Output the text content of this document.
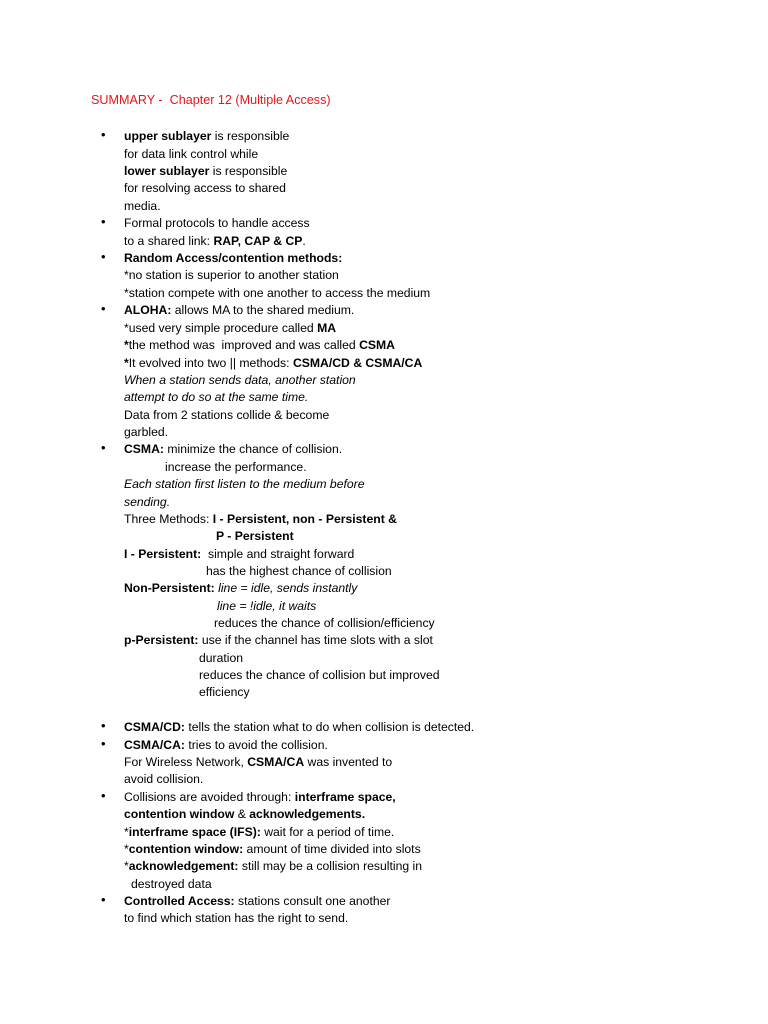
SUMMARY -  Chapter 12 (Multiple Access)
• upper sublayer is responsible
for data link control while
lower sublayer is responsible
for resolving access to shared
media.
• Formal protocols to handle access
to a shared link: RAP, CAP & CP.
• Random Access/contention methods:
*no station is superior to another station
*station compete with one another to access the medium
• ALOHA: allows MA to the shared medium.
*used very simple procedure called MA
*the method was  improved and was called CSMA
*It evolved into two || methods: CSMA/CD & CSMA/CA
When a station sends data, another station
attempt to do so at the same time.
Data from 2 stations collide & become
garbled.
• CSMA: minimize the chance of collision.
increase the performance.
Each station first listen to the medium before
sending.
Three Methods: I - Persistent, non - Persistent &
P - Persistent
I - Persistent:  simple and straight forward
has the highest chance of collision
Non-Persistent: line = idle, sends instantly
line = !idle, it waits
reduces the chance of collision/efficiency
p-Persistent: use if the channel has time slots with a slot
duration
reduces the chance of collision but improved
efficiency
• CSMA/CD: tells the station what to do when collision is detected.
• CSMA/CA: tries to avoid the collision.
For Wireless Network, CSMA/CA was invented to
avoid collision.
• Collisions are avoided through: interframe space,
contention window & acknowledgements.
*interframe space (IFS): wait for a period of time.
*contention window: amount of time divided into slots
*acknowledgement: still may be a collision resulting in
destroyed data
• Controlled Access: stations consult one another
to find which station has the right to send.
